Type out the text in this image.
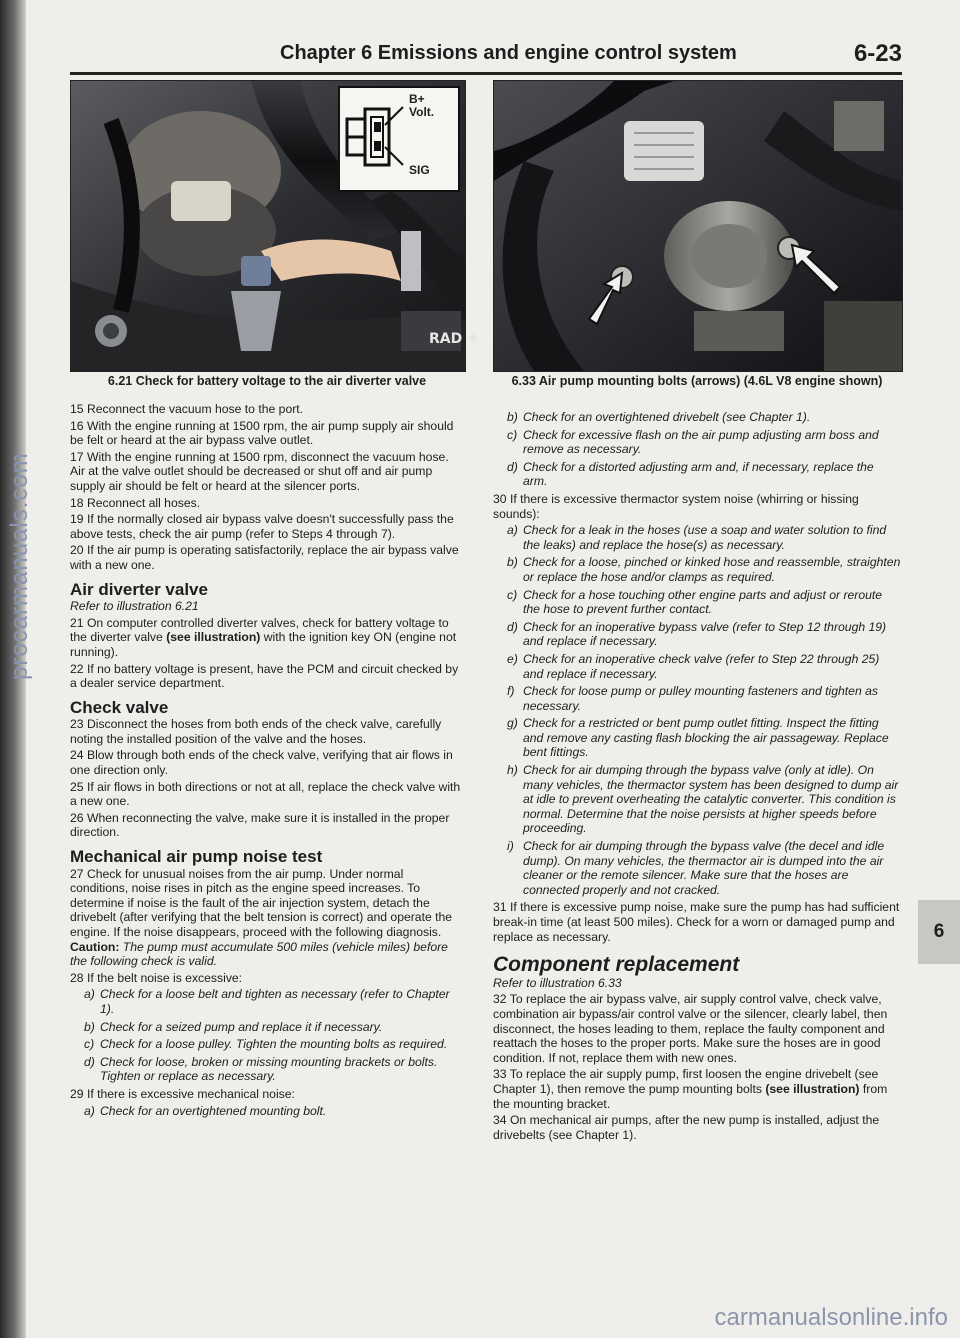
procarmanuals.com
carmanualsonline.info
Chapter 6 Emissions and engine control system	6-23
RAD ♦
B+
Volt.
SIG
6.21 Check for battery voltage to the air diverter valve	6.33 Air pump mounting bolts (arrows) (4.6L V8 engine shown)

15 Reconnect the vacuum hose to the port.

16 With the engine running at 1500 rpm, the air pump supply air should be felt or heard at the air bypass valve outlet.

17 With the engine running at 1500 rpm, disconnect the vacuum hose. Air at the valve outlet should be decreased or shut off and air pump supply air should be felt or heard at the silencer ports.

18 Reconnect all hoses.

19 If the normally closed air bypass valve doesn't successfully pass the above tests, check the air pump (refer to Steps 4 through 7).

20 If the air pump is operating satisfactorily, replace the air bypass valve with a new one.

Air diverter valve

Refer to illustration 6.21

21 On computer controlled diverter valves, check for battery voltage to the diverter valve (see illustration) with the ignition key ON (engine not running).

22 If no battery voltage is present, have the PCM and circuit checked by a dealer service department.

Check valve

23 Disconnect the hoses from both ends of the check valve, carefully noting the installed position of the valve and the hoses.

24 Blow through both ends of the check valve, verifying that air flows in one direction only.

25 If air flows in both directions or not at all, replace the check valve with a new one.

26 When reconnecting the valve, make sure it is installed in the proper direction.

Mechanical air pump noise test

27 Check for unusual noises from the air pump. Under normal conditions, noise rises in pitch as the engine speed increases. To determine if noise is the fault of the air injection system, detach the drivebelt (after verifying that the belt tension is correct) and operate the engine. If the noise disappears, proceed with the following diagnosis. Caution: The pump must accumulate 500 miles (vehicle miles) before the following check is valid.

28 If the belt noise is excessive:

a) Check for a loose belt and tighten as necessary (refer to Chapter 1).

b) Check for a seized pump and replace it if necessary.

c) Check for a loose pulley. Tighten the mounting bolts as required.

d) Check for loose, broken or missing mounting brackets or bolts. Tighten or replace as necessary.

29 If there is excessive mechanical noise:

a) Check for an overtightened mounting bolt.

b) Check for an overtightened drivebelt (see Chapter 1).

c) Check for excessive flash on the air pump adjusting arm boss and remove as necessary.

d) Check for a distorted adjusting arm and, if necessary, replace the arm.

30 If there is excessive thermactor system noise (whirring or hissing sounds):

a) Check for a leak in the hoses (use a soap and water solution to find the leaks) and replace the hose(s) as necessary.

b) Check for a loose, pinched or kinked hose and reassemble, straighten or replace the hose and/or clamps as required.

c) Check for a hose touching other engine parts and adjust or reroute the hose to prevent further contact.

d) Check for an inoperative bypass valve (refer to Step 12 through 19) and replace if necessary.

e) Check for an inoperative check valve (refer to Step 22 through 25) and replace if necessary.

f) Check for loose pump or pulley mounting fasteners and tighten as necessary.

g) Check for a restricted or bent pump outlet fitting. Inspect the fitting and remove any casting flash blocking the air passageway. Replace bent fittings.

h) Check for air dumping through the bypass valve (only at idle). On many vehicles, the thermactor system has been designed to dump air at idle to prevent overheating the catalytic converter. This condition is normal. Determine that the noise persists at higher speeds before proceeding.

i) Check for air dumping through the bypass valve (the decel and idle dump). On many vehicles, the thermactor air is dumped into the air cleaner or the remote silencer. Make sure that the hoses are connected properly and not cracked.

31 If there is excessive pump noise, make sure the pump has had sufficient break-in time (at least 500 miles). Check for a worn or damaged pump and replace as necessary.

Component replacement

Refer to illustration 6.33

32 To replace the air bypass valve, air supply control valve, check valve, combination air bypass/air control valve or the silencer, clearly label, then disconnect, the hoses leading to them, replace the faulty component and reattach the hoses to the proper ports. Make sure the hoses are in good condition. If not, replace them with new ones.

33 To replace the air supply pump, first loosen the engine drivebelt (see Chapter 1), then remove the pump mounting bolts (see illustration) from the mounting bracket.

34 On mechanical air pumps, after the new pump is installed, adjust the drivebelts (see Chapter 1).

6
